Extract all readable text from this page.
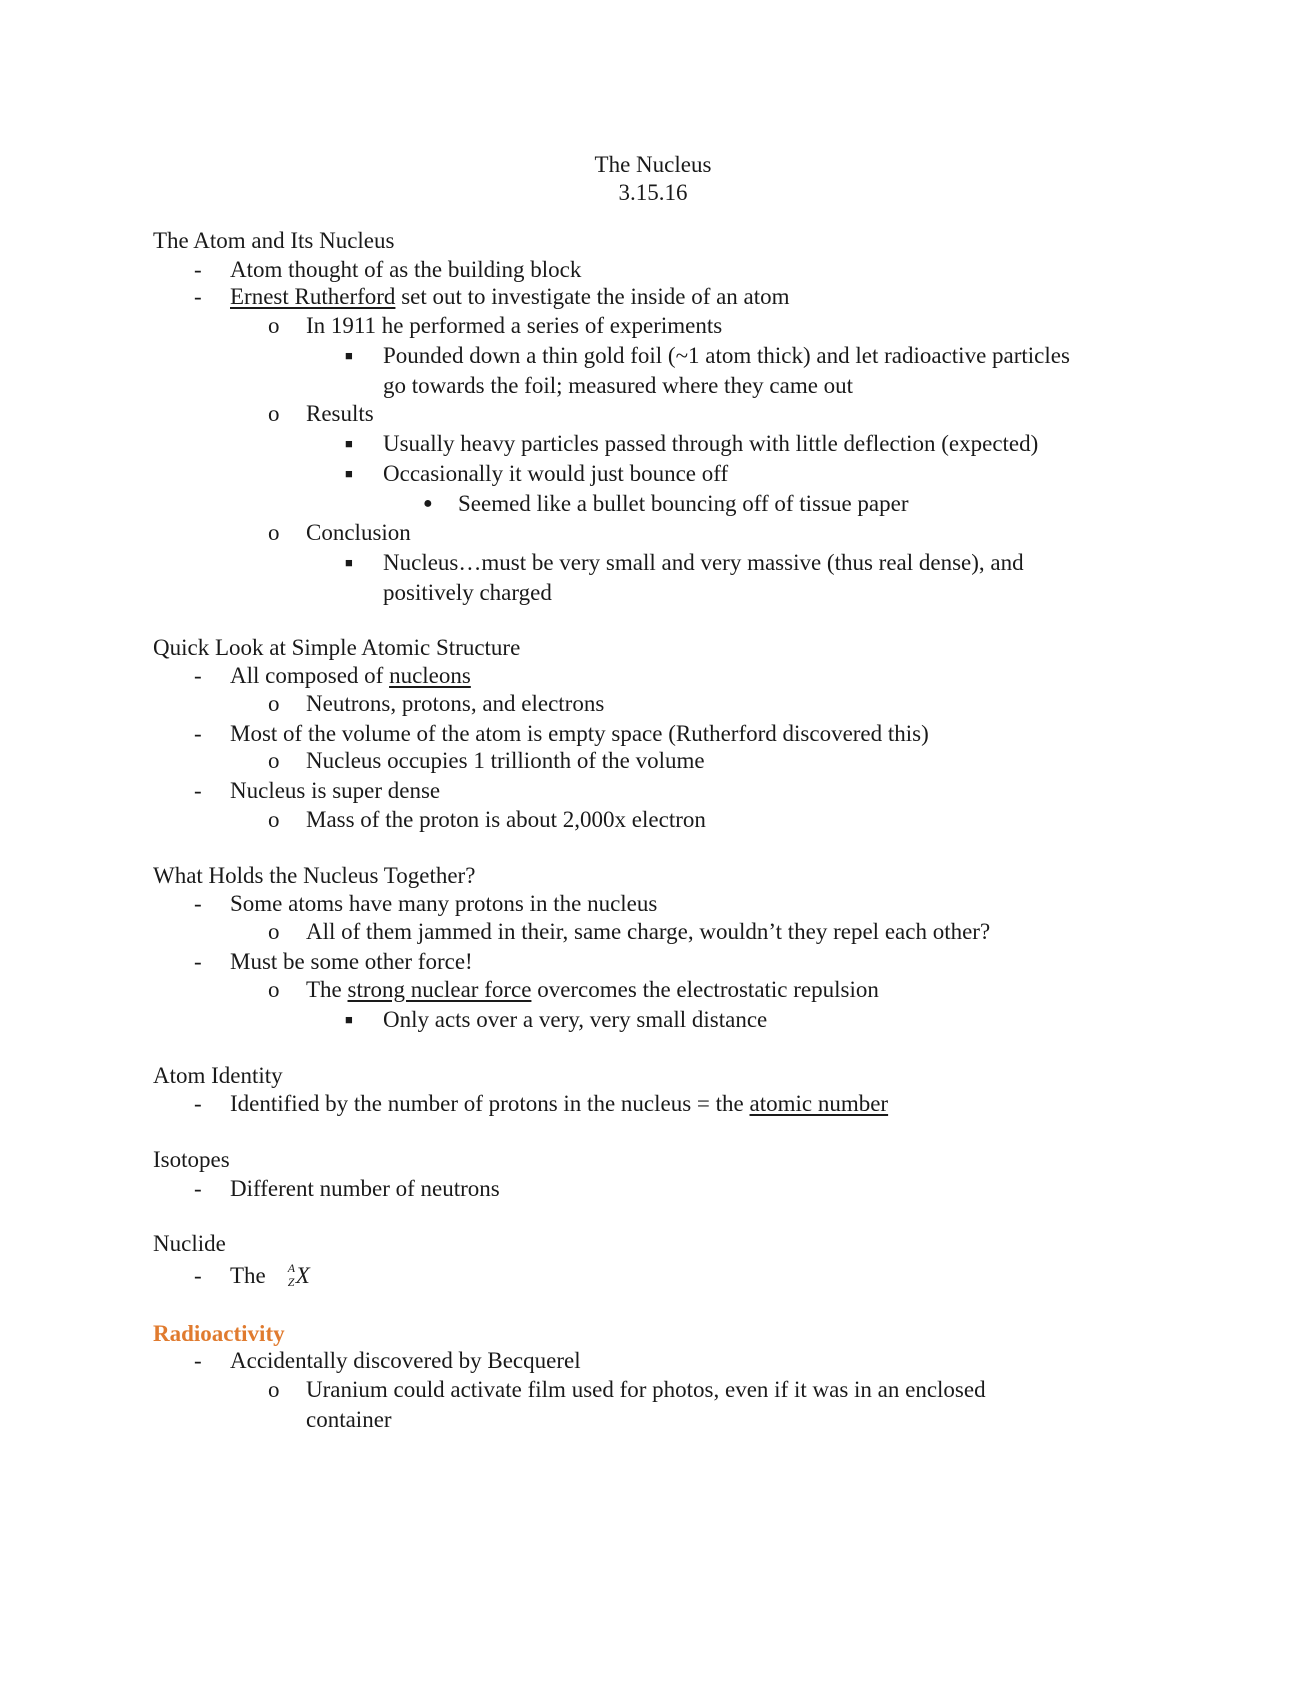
The Nucleus
3.15.16
The Atom and Its Nucleus
- Atom thought of as the building block
- Ernest Rutherford set out to investigate the inside of an atom
o In 1911 he performed a series of experiments
■ Pounded down a thin gold foil (~1 atom thick) and let radioactive particles
go towards the foil; measured where they came out
o Results
■ Usually heavy particles passed through with little deflection (expected)
■ Occasionally it would just bounce off
● Seemed like a bullet bouncing off of tissue paper
o Conclusion
■ Nucleus…must be very small and very massive (thus real dense), and
positively charged
Quick Look at Simple Atomic Structure
- All composed of nucleons
o Neutrons, protons, and electrons
- Most of the volume of the atom is empty space (Rutherford discovered this)
o Nucleus occupies 1 trillionth of the volume
- Nucleus is super dense
o Mass of the proton is about 2,000x electron
What Holds the Nucleus Together?
- Some atoms have many protons in the nucleus
o All of them jammed in their, same charge, wouldn’t they repel each other?
- Must be some other force!
o The strong nuclear force overcomes the electrostatic repulsion
■ Only acts over a very, very small distance
Atom Identity
- Identified by the number of protons in the nucleus = the atomic number
Isotopes
- Different number of neutrons
Nuclide
- The A
Z X
Radioactivity
- Accidentally discovered by Becquerel
o Uranium could activate film used for photos, even if it was in an enclosed
container
